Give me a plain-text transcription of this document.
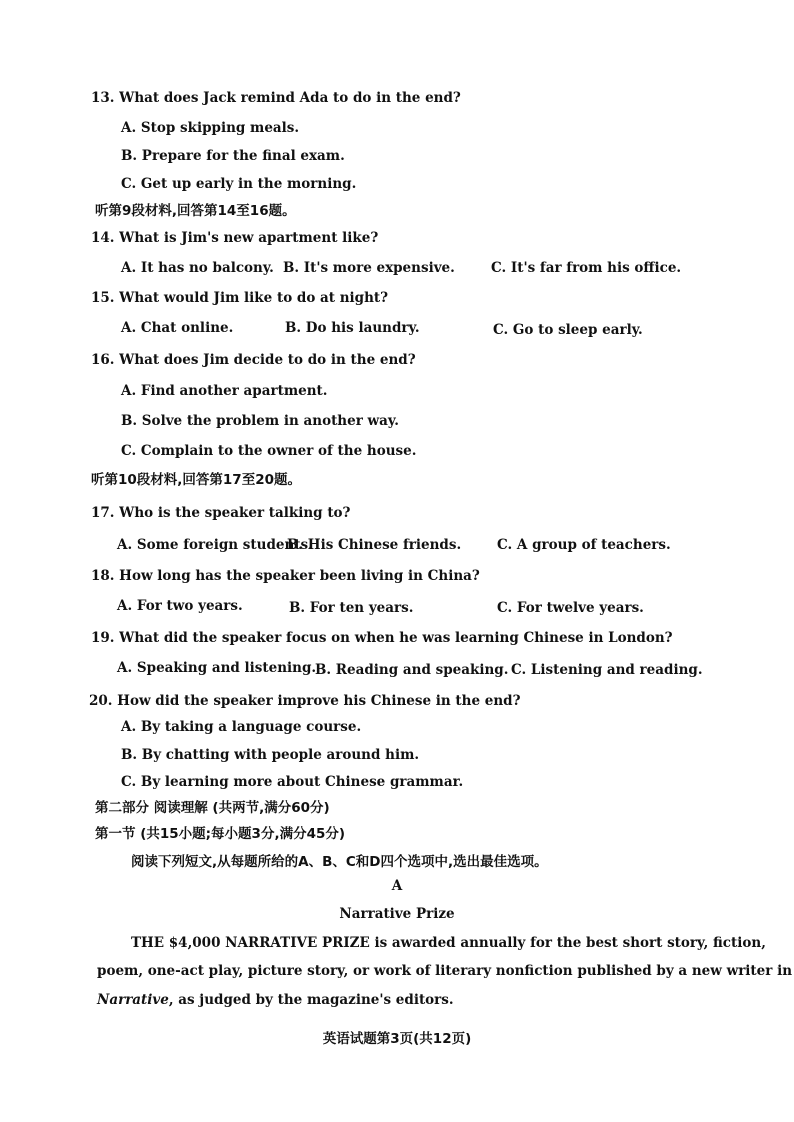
13. What does Jack remind Ada to do in the end?
A. Stop skipping meals.
B. Prepare for the final exam.
C. Get up early in the morning.
听第9段材料,回答第14至16题。
14. What is Jim's new apartment like?
A. It has no balcony. B. It's more expensive.	C. It's far from his office.
15. What would Jim like to do at night?
A. Chat online.	B. Do his laundry.	C. Go to sleep early.
16. What does Jim decide to do in the end?
A. Find another apartment.
B. Solve the problem in another way.
C. Complain to the owner of the house.
听第10段材料,回答第17至20题。
17. Who is the speaker talking to?
A. Some foreign students.
B. His Chinese friends.	C. A group of teachers.
18. How long has the speaker been living in China?
A. For two years.	B. For ten years.	C. For twelve years.
19. What did the speaker focus on when he was learning Chinese in London?
A. Speaking and listening.
B. Reading and speaking. C. Listening and reading.
20. How did the speaker improve his Chinese in the end?
A. By taking a language course.
B. By chatting with people around him.
C. By learning more about Chinese grammar.
第二部分 阅读理解 (共两节,满分60分)
第一节 (共15小题;每小题3分,满分45分)
阅读下列短文,从每题所给的A、B、C和D四个选项中,选出最佳选项。
A
Narrative Prize
THE $4,000 NARRATIVE PRIZE is awarded annually for the best short story, fiction,
poem, one-act play, picture story, or work of literary nonfiction published by a new writer in
Narrative, as judged by the magazine's editors.
英语试题第3页(共12页)
